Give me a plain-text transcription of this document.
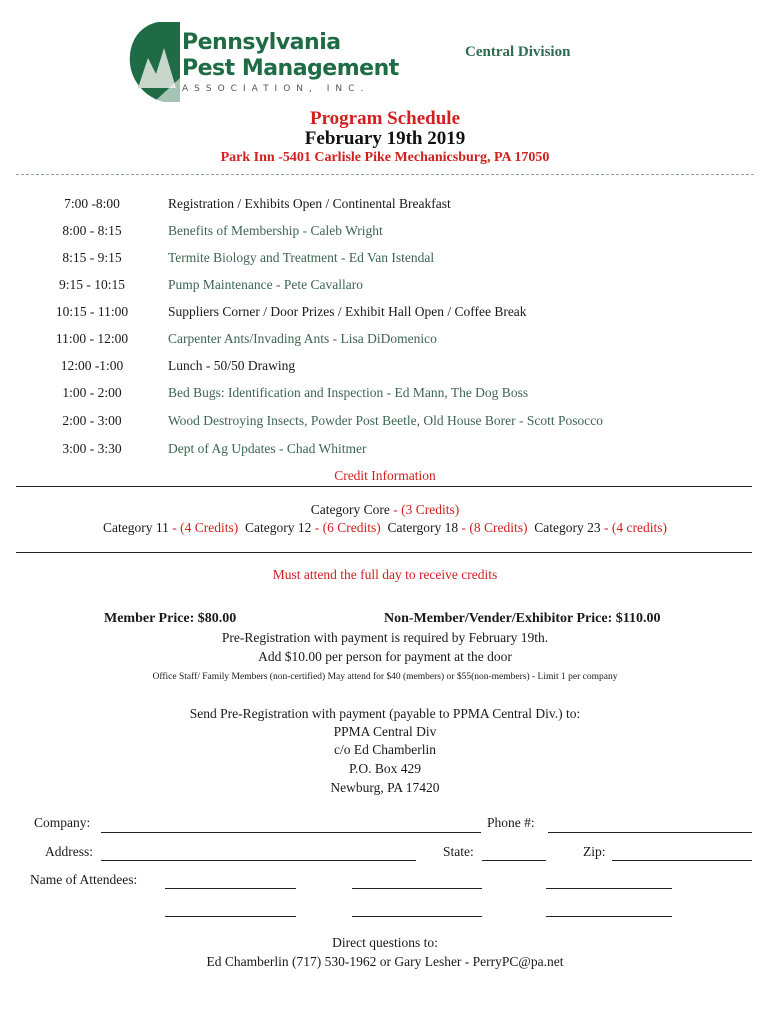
Pennsylvania
Pest Management
ASSOCIATION, INC.
Central Division
Program Schedule
February 19th 2019
Park Inn -5401 Carlisle Pike Mechanicsburg, PA 17050
7:00 -8:00	Registration / Exhibits Open / Continental Breakfast
8:00 - 8:15	Benefits of Membership - Caleb Wright
8:15 - 9:15	Termite Biology and Treatment - Ed Van Istendal
9:15 - 10:15	Pump Maintenance - Pete Cavallaro
10:15 - 11:00	Suppliers Corner / Door Prizes / Exhibit Hall Open / Coffee Break
11:00 - 12:00	Carpenter Ants/Invading Ants - Lisa DiDomenico
12:00 -1:00	Lunch - 50/50 Drawing
1:00 - 2:00	Bed Bugs: Identification and Inspection - Ed Mann, The Dog Boss
2:00 - 3:00	Wood Destroying Insects, Powder Post Beetle, Old House Borer - Scott Posocco
3:00 - 3:30	Dept of Ag Updates - Chad Whitmer
Credit Information
Category Core - (3 Credits)
Category 11 - (4 Credits) Category 12 - (6 Credits) Catergory 18 - (8 Credits) Category 23 - (4 credits)
Must attend the full day to receive credits
Member Price: $80.00	Non-Member/Vender/Exhibitor Price: $110.00
Pre-Registration with payment is required by February 19th.
Add $10.00 per person for payment at the door
Office Staff/ Family Members (non-certified) May attend for $40 (members) or $55(non-members) - Limit 1 per company
Send Pre-Registration with payment (payable to PPMA Central Div.) to:
PPMA Central Div
c/o Ed Chamberlin
P.O. Box 429
Newburg, PA 17420
Company:	Phone #:
Address:	State:	Zip:
Name of Attendees:
Direct questions to:
Ed Chamberlin (717) 530-1962 or Gary Lesher - PerryPC@pa.net
